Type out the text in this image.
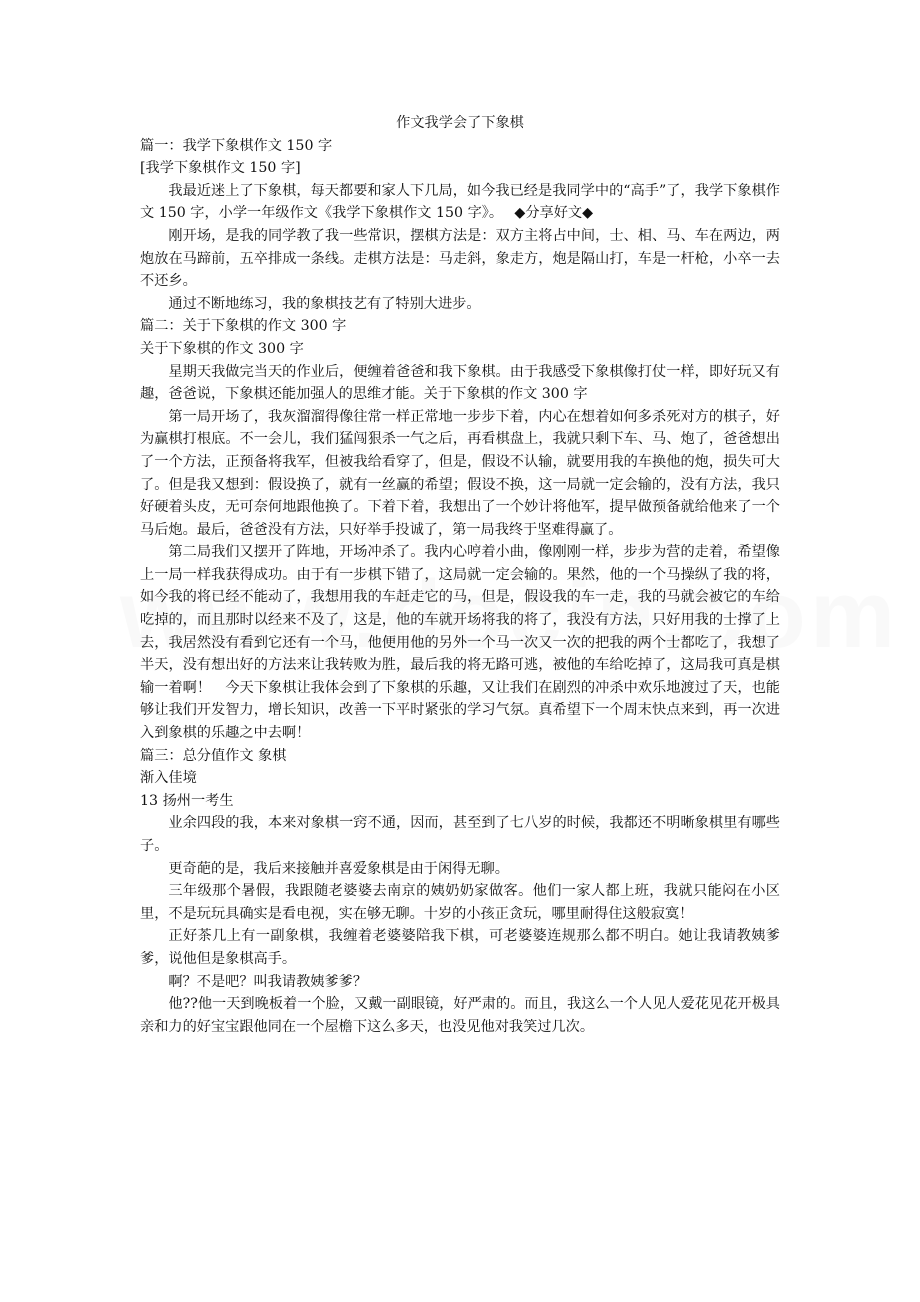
作文我学会了下象棋

篇一：我学下象棋作文 150 字

[我学下象棋作文 150 字]

我最近迷上了下象棋，每天都要和家人下几局，如今我已经是我同学中的“高手”了，我学下象棋作文 150 字，小学一年级作文《我学下象棋作文 150 字》。 ◆分享好文◆

刚开场，是我的同学教了我一些常识，摆棋方法是：双方主将占中间，士、相、马、车在两边，两炮放在马蹄前，五卒排成一条线。走棋方法是：马走斜，象走方，炮是隔山打，车是一杆枪，小卒一去不还乡。

通过不断地练习，我的象棋技艺有了特别大进步。

篇二：关于下象棋的作文 300 字

关于下象棋的作文 300 字

星期天我做完当天的作业后，便缠着爸爸和我下象棋。由于我感受下象棋像打仗一样，即好玩又有趣，爸爸说，下象棋还能加强人的思维才能。关于下象棋的作文 300 字

第一局开场了，我灰溜溜得像往常一样正常地一步步下着，内心在想着如何多杀死对方的棋子，好为赢棋打根底。不一会儿，我们猛闯狠杀一气之后，再看棋盘上，我就只剩下车、马、炮了，爸爸想出了一个方法，正预备将我军，但被我给看穿了，但是，假设不认输，就要用我的车换他的炮，损失可大了。但是我又想到：假设换了，就有一丝赢的希望；假设不换，这一局就一定会输的，没有方法，我只好硬着头皮，无可奈何地跟他换了。下着下着，我想出了一个妙计将他军，提早做预备就给他来了一个马后炮。最后，爸爸没有方法，只好举手投诚了，第一局我终于坚难得赢了。

第二局我们又摆开了阵地，开场冲杀了。我内心哼着小曲，像刚刚一样，步步为营的走着，希望像上一局一样我获得成功。由于有一步棋下错了，这局就一定会输的。果然，他的一个马操纵了我的将，如今我的将已经不能动了，我想用我的车赶走它的马，但是，假设我的车一走，我的马就会被它的车给吃掉的，而且那时以经来不及了，这是，他的车就开场将我的将了，我没有方法，只好用我的士撑了上去，我居然没有看到它还有一个马，他便用他的另外一个马一次又一次的把我的两个士都吃了，我想了半天，没有想出好的方法来让我转败为胜，最后我的将无路可逃，被他的车给吃掉了，这局我可真是棋输一着啊！　今天下象棋让我体会到了下象棋的乐趣，又让我们在剧烈的冲杀中欢乐地渡过了天，也能够让我们开发智力，增长知识，改善一下平时紧张的学习气氛。真希望下一个周末快点来到，再一次进入到象棋的乐趣之中去啊！

篇三：总分值作文 象棋

渐入佳境

13 扬州一考生

业余四段的我，本来对象棋一窍不通，因而，甚至到了七八岁的时候，我都还不明晰象棋里有哪些子。

更奇葩的是，我后来接触并喜爱象棋是由于闲得无聊。

三年级那个暑假，我跟随老婆婆去南京的姨奶奶家做客。他们一家人都上班，我就只能闷在小区里，不是玩玩具确实是看电视，实在够无聊。十岁的小孩正贪玩，哪里耐得住这般寂寞！

正好茶几上有一副象棋，我缠着老婆婆陪我下棋，可老婆婆连规那么都不明白。她让我请教姨爹爹，说他但是象棋高手。

啊？不是吧？叫我请教姨爹爹？

他??他一天到晚板着一个脸，又戴一副眼镜，好严肃的。而且，我这么一个人见人爱花见花开极具亲和力的好宝宝跟他同在一个屋檐下这么多天，也没见他对我笑过几次。
